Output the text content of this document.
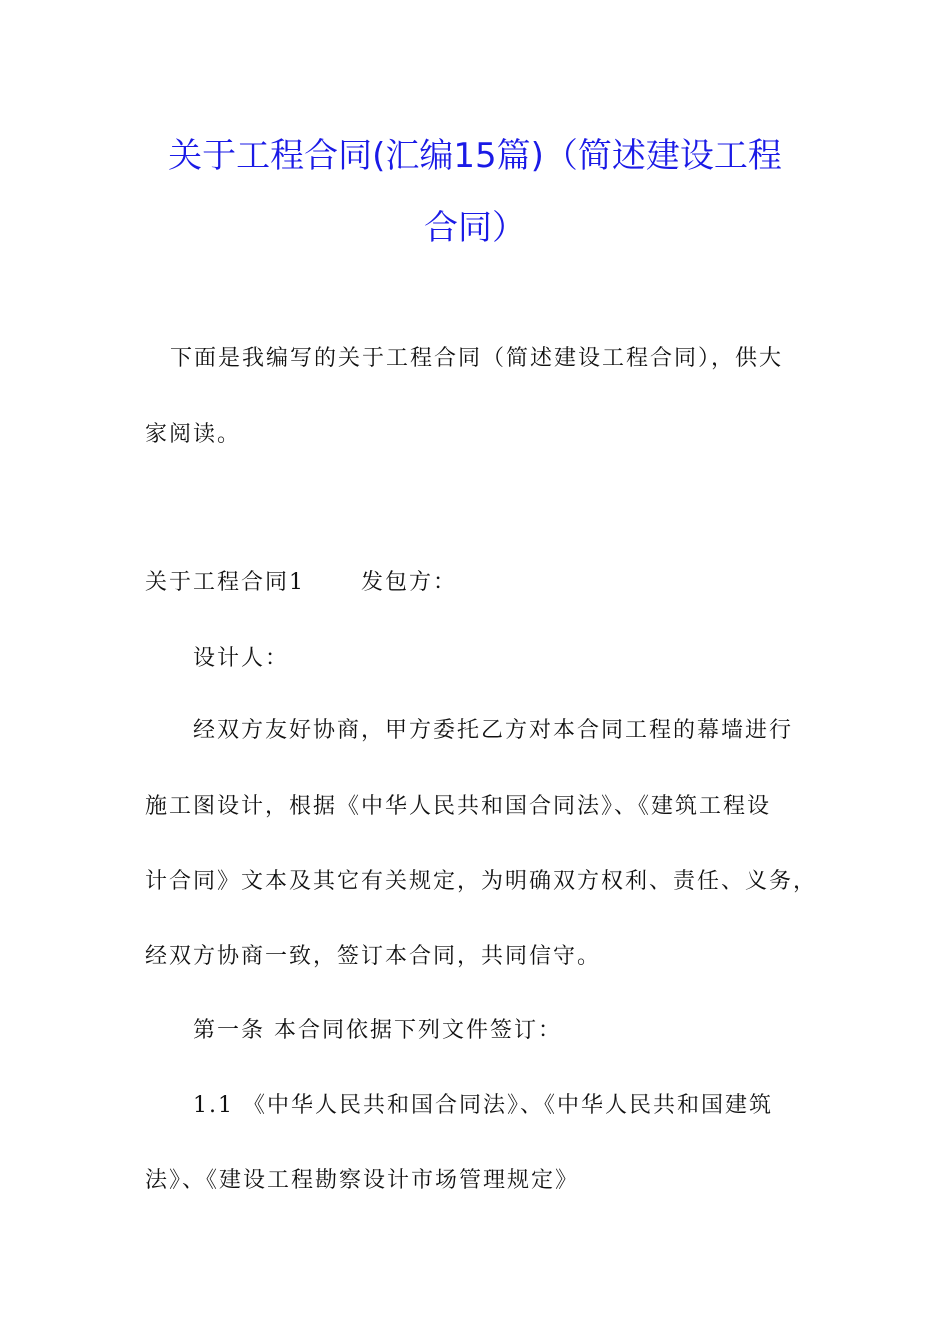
关于工程合同(汇编15篇)（简述建设工程
合同）
下面是我编写的关于工程合同（简述建设工程合同），供大
家阅读。
关于工程合同1	发包方：
设计人：
经双方友好协商，甲方委托乙方对本合同工程的幕墙进行
施工图设计，根据《中华人民共和国合同法》、《建筑工程设
计合同》文本及其它有关规定，为明确双方权利、责任、义务，
经双方协商一致，签订本合同，共同信守。
第一条 本合同依据下列文件签订：
1.1 《中华人民共和国合同法》、《中华人民共和国建筑
法》、《建设工程勘察设计市场管理规定》
